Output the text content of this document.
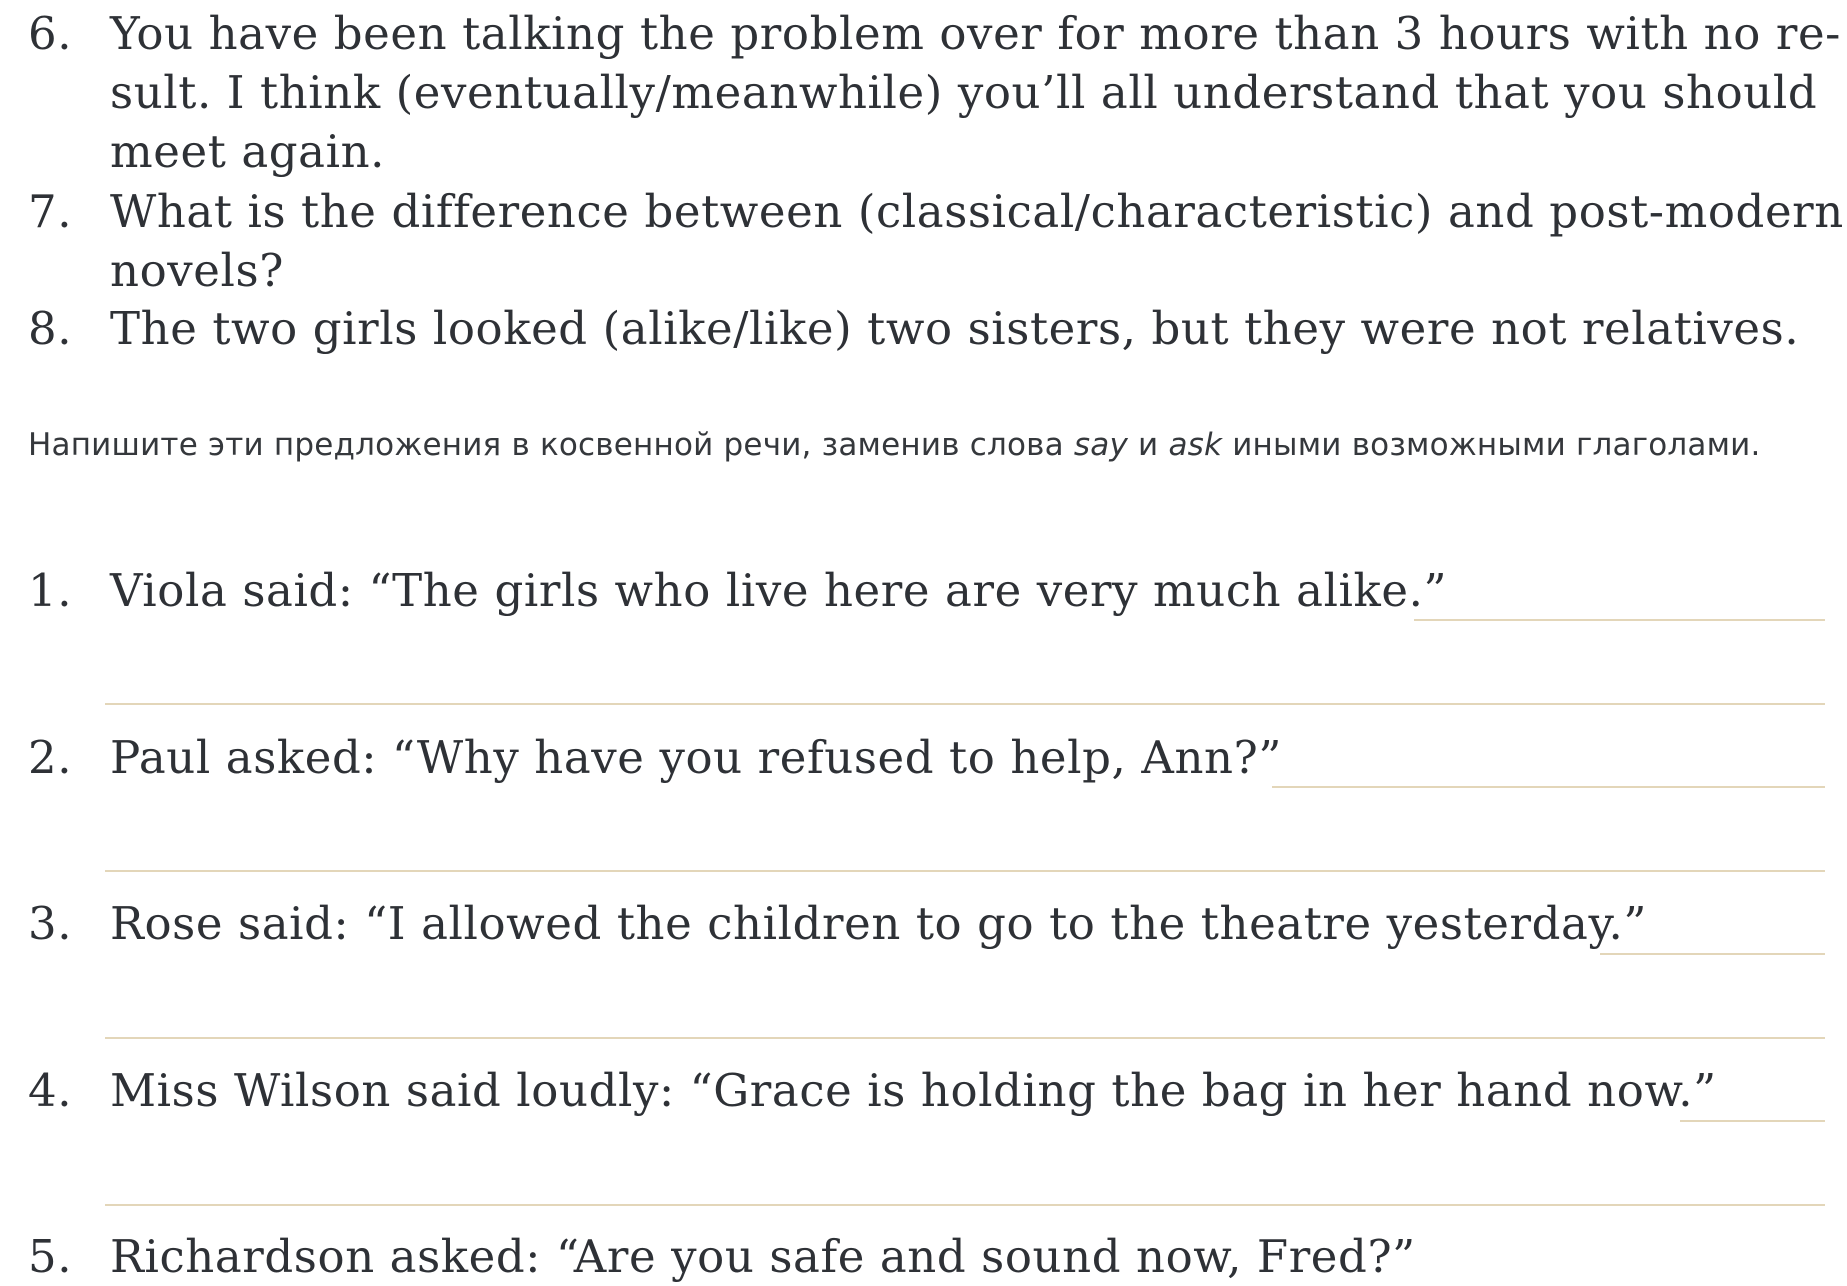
6. You have been talking the problem over for more than 3 hours with no re-
sult. I think (eventually/meanwhile) you’ll all understand that you should
meet again.
7. What is the difference between (classical/characteristic) and post-modern
novels?
8. The two girls looked (alike/like) two sisters, but they were not relatives.
Напишите эти предложения в косвенной речи, заменив слова say и ask иными возможными глаголами.
1. Viola said: “The girls who live here are very much alike.”
2. Paul asked: “Why have you refused to help, Ann?”
3. Rose said: “I allowed the children to go to the theatre yesterday.”
4. Miss Wilson said loudly: “Grace is holding the bag in her hand now.”
5. Richardson asked: “Are you safe and sound now, Fred?”
